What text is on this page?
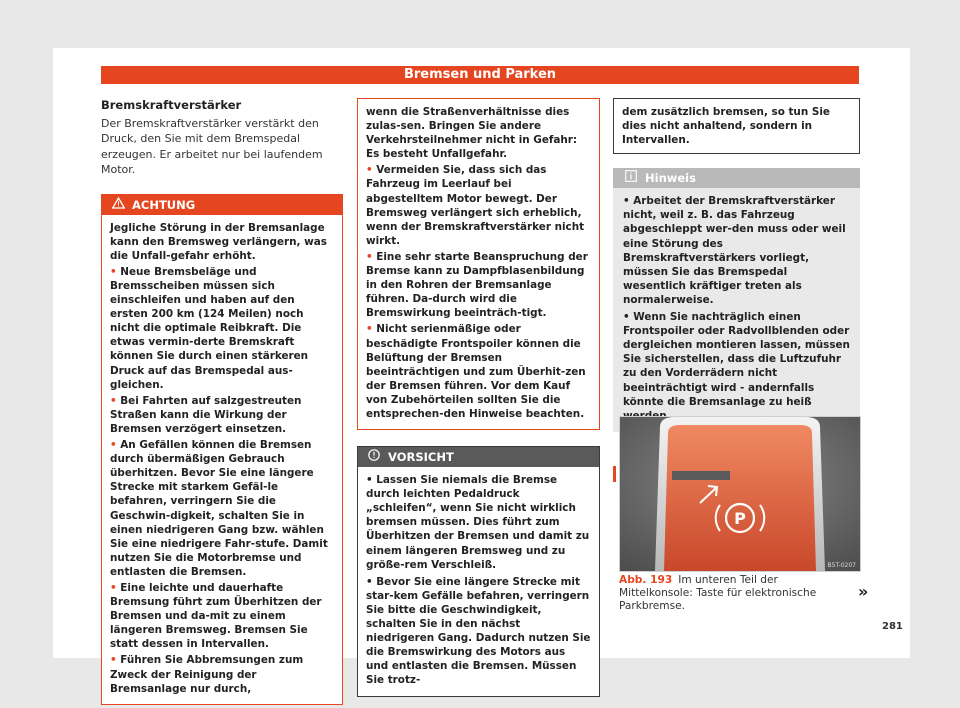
Bremsen und Parken
Bremskraftverstärker

Der Bremskraftverstärker verstärkt den Druck, den Sie mit dem Bremspedal erzeugen. Er arbeitet nur bei laufendem Motor.

ACHTUNG

Jegliche Störung in der Bremsanlage kann den Bremsweg verlängern, was die Unfall-gefahr erhöht.

• Neue Bremsbeläge und Bremsscheiben müssen sich einschleifen und haben auf den ersten 200 km (124 Meilen) noch nicht die optimale Reibkraft. Die etwas vermin-derte Bremskraft können Sie durch einen stärkeren Druck auf das Bremspedal aus-gleichen.

• Bei Fahrten auf salzgestreuten Straßen kann die Wirkung der Bremsen verzögert einsetzen.

• An Gefällen können die Bremsen durch übermäßigen Gebrauch überhitzen. Bevor Sie eine längere Strecke mit starkem Gefäl-le befahren, verringern Sie die Geschwin-digkeit, schalten Sie in einen niedrigeren Gang bzw. wählen Sie eine niedrigere Fahr-stufe. Damit nutzen Sie die Motorbremse und entlasten die Bremsen.

• Eine leichte und dauerhafte Bremsung führt zum Überhitzen der Bremsen und da-mit zu einem längeren Bremsweg. Bremsen Sie statt dessen in Intervallen.

• Führen Sie Abbremsungen zum Zweck der Reinigung der Bremsanlage nur durch,

wenn die Straßenverhältnisse dies zulas-sen. Bringen Sie andere Verkehrsteilnehmer nicht in Gefahr: Es besteht Unfallgefahr.

• Vermeiden Sie, dass sich das Fahrzeug im Leerlauf bei abgestelltem Motor bewegt. Der Bremsweg verlängert sich erheblich, wenn der Bremskraftverstärker nicht wirkt.

• Eine sehr starte Beanspruchung der Bremse kann zu Dampfblasenbildung in den Rohren der Bremsanlage führen. Da-durch wird die Bremswirkung beeinträch-tigt.

• Nicht serienmäßige oder beschädigte Frontspoiler können die Belüftung der Bremsen beeinträchtigen und zum Überhit-zen der Bremsen führen. Vor dem Kauf von Zubehörteilen sollten Sie die entsprechen-den Hinweise beachten.

VORSICHT

• Lassen Sie niemals die Bremse durch leichten Pedaldruck „schleifen“, wenn Sie nicht wirklich bremsen müssen. Dies führt zum Überhitzen der Bremsen und damit zu einem längeren Bremsweg und zu größe-rem Verschleiß.

• Bevor Sie eine längere Strecke mit star-kem Gefälle befahren, verringern Sie bitte die Geschwindigkeit, schalten Sie in den nächst niedrigeren Gang. Dadurch nutzen Sie die Bremswirkung des Motors aus und entlasten die Bremsen. Müssen Sie trotz-

dem zusätzlich bremsen, so tun Sie dies nicht anhaltend, sondern in Intervallen.
Hinweis

• Arbeitet der Bremskraftverstärker nicht, weil z. B. das Fahrzeug abgeschleppt wer-den muss oder weil eine Störung des Bremskraftverstärkers vorliegt, müssen Sie das Bremspedal wesentlich kräftiger treten als normalerweise.

• Wenn Sie nachträglich einen Frontspoiler oder Radvollblenden oder dergleichen montieren lassen, müssen Sie sicherstellen, dass die Luftzufuhr zu den Vorderrädern nicht beeinträchtigt wird - andernfalls könnte die Bremsanlage zu heiß

P
B5T-0207
Abb. 193 Im unteren Teil der Mittelkonsole: Taste für elektronische Parkbremse.
»
281
